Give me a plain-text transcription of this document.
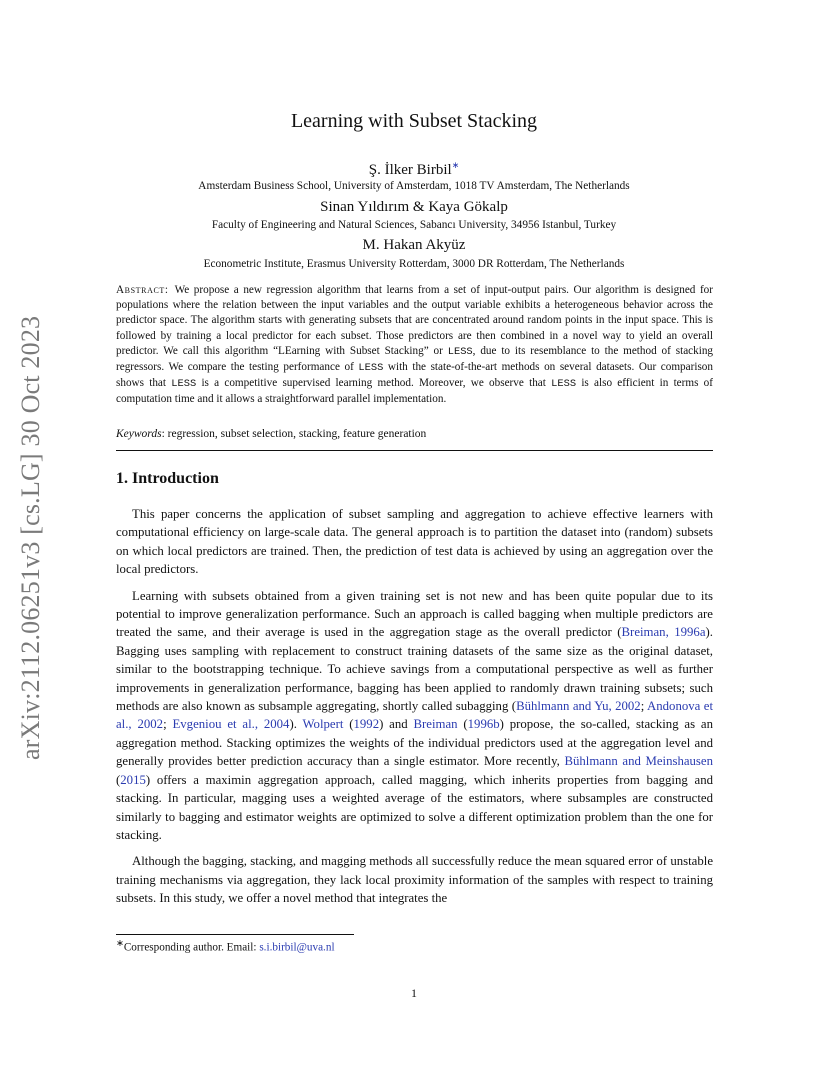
arXiv:2112.06251v3 [cs.LG] 30 Oct 2023
Learning with Subset Stacking
Ş. İlker Birbil∗
Amsterdam Business School, University of Amsterdam, 1018 TV Amsterdam, The Netherlands
Sinan Yıldırım & Kaya Gökalp
Faculty of Engineering and Natural Sciences, Sabancı University, 34956 Istanbul, Turkey
M. Hakan Akyüz
Econometric Institute, Erasmus University Rotterdam, 3000 DR Rotterdam, The Netherlands
Abstract: We propose a new regression algorithm that learns from a set of input-output pairs. Our algorithm is designed for populations where the relation between the input variables and the output variable exhibits a heterogeneous behavior across the predictor space. The algorithm starts with generating subsets that are concentrated around random points in the input space. This is followed by training a local predictor for each subset. Those predictors are then combined in a novel way to yield an overall predictor. We call this algorithm “LEarning with Subset Stacking” or LESS, due to its resemblance to the method of stacking regressors. We compare the testing performance of LESS with the state-of-the-art methods on several datasets. Our comparison shows that LESS is a competitive supervised learning method. Moreover, we observe that LESS is also efficient in terms of computation time and it allows a straightforward parallel implementation.
Keywords: regression, subset selection, stacking, feature generation
1. Introduction

This paper concerns the application of subset sampling and aggregation to achieve effective learners with computational efficiency on large-scale data. The general approach is to partition the dataset into (random) subsets on which local predictors are trained. Then, the prediction of test data is achieved by using an aggregation over the local predictors.

Learning with subsets obtained from a given training set is not new and has been quite popular due to its potential to improve generalization performance. Such an approach is called bagging when multiple predictors are treated the same, and their average is used in the aggregation stage as the overall predictor (Breiman, 1996a). Bagging uses sampling with replacement to construct training datasets of the same size as the original dataset, similar to the bootstrapping technique. To achieve savings from a computational perspective as well as further improvements in generalization performance, bagging has been applied to randomly drawn training subsets; such methods are also known as subsample aggregating, shortly called subagging (Bühlmann and Yu, 2002; Andonova et al., 2002; Evgeniou et al., 2004). Wolpert (1992) and Breiman (1996b) propose, the so-called, stacking as an aggregation method. Stacking optimizes the weights of the individual predictors used at the aggregation level and generally provides better prediction accuracy than a single estimator. More recently, Bühlmann and Meinshausen (2015) offers a maximin aggregation approach, called magging, which inherits properties from bagging and stacking. In particular, magging uses a weighted average of the estimators, where subsamples are constructed similarly to bagging and estimator weights are optimized to solve a different optimization problem than the one for stacking.

Although the bagging, stacking, and magging methods all successfully reduce the mean squared error of unstable training mechanisms via aggregation, they lack local proximity information of the samples with respect to training subsets. In this study, we offer a novel method that integrates the

∗Corresponding author. Email: s.i.birbil@uva.nl
1
